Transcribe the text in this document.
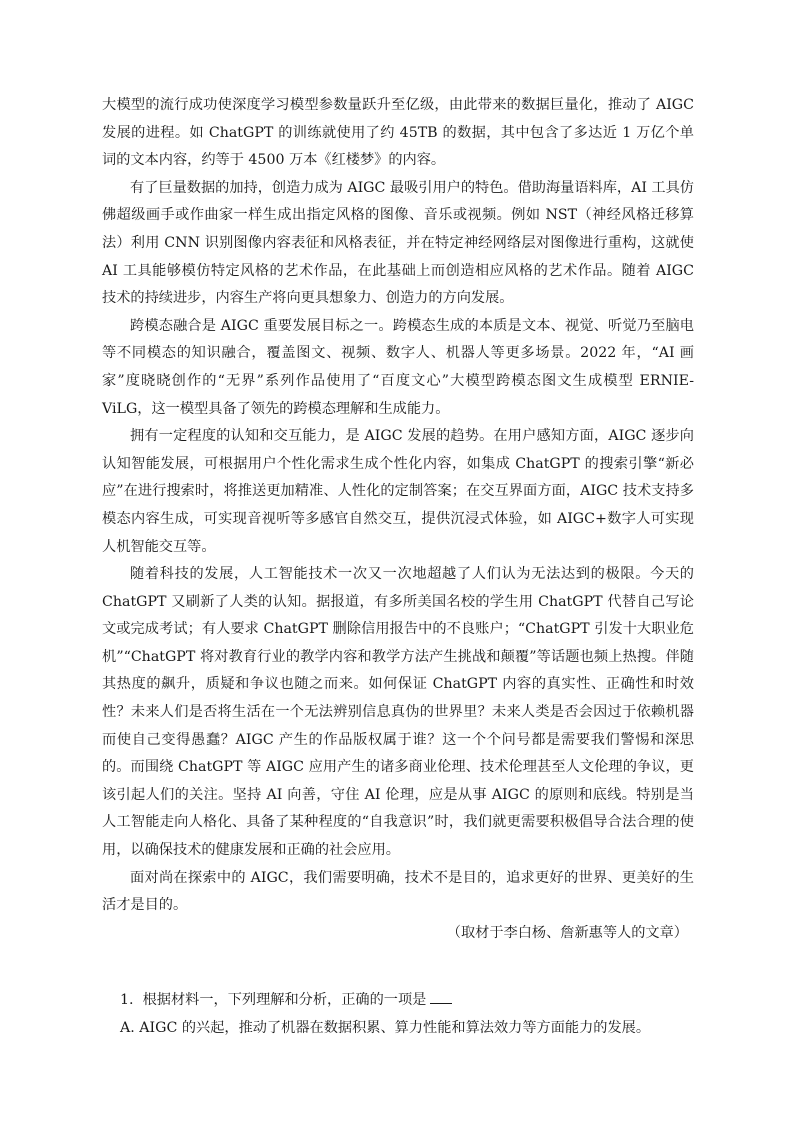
大模型的流行成功使深度学习模型参数量跃升至亿级，由此带来的数据巨量化，推动了 AIGC 发展的进程。如 ChatGPT 的训练就使用了约 45TB 的数据，其中包含了多达近 1 万亿个单词的文本内容，约等于 4500 万本《红楼梦》的内容。

有了巨量数据的加持，创造力成为 AIGC 最吸引用户的特色。借助海量语料库，AI 工具仿佛超级画手或作曲家一样生成出指定风格的图像、音乐或视频。例如 NST（神经风格迁移算法）利用 CNN 识别图像内容表征和风格表征，并在特定神经网络层对图像进行重构，这就使 AI 工具能够模仿特定风格的艺术作品，在此基础上而创造相应风格的艺术作品。随着 AIGC 技术的持续进步，内容生产将向更具想象力、创造力的方向发展。

跨模态融合是 AIGC 重要发展目标之一。跨模态生成的本质是文本、视觉、听觉乃至脑电等不同模态的知识融合，覆盖图文、视频、数字人、机器人等更多场景。2022 年，“AI 画家”度晓晓创作的“无界”系列作品使用了“百度文心”大模型跨模态图文生成模型 ERNIE-ViLG，这一模型具备了领先的跨模态理解和生成能力。

拥有一定程度的认知和交互能力，是 AIGC 发展的趋势。在用户感知方面，AIGC 逐步向认知智能发展，可根据用户个性化需求生成个性化内容，如集成 ChatGPT 的搜索引擎“新必应”在进行搜索时，将推送更加精准、人性化的定制答案；在交互界面方面，AIGC 技术支持多模态内容生成，可实现音视听等多感官自然交互，提供沉浸式体验，如 AIGC+数字人可实现人机智能交互等。

随着科技的发展，人工智能技术一次又一次地超越了人们认为无法达到的极限。今天的 ChatGPT 又刷新了人类的认知。据报道，有多所美国名校的学生用 ChatGPT 代替自己写论文或完成考试；有人要求 ChatGPT 删除信用报告中的不良账户；“ChatGPT 引发十大职业危机”“ChatGPT 将对教育行业的教学内容和教学方法产生挑战和颠覆”等话题也频上热搜。伴随其热度的飙升，质疑和争议也随之而来。如何保证 ChatGPT 内容的真实性、正确性和时效性？未来人们是否将生活在一个无法辨别信息真伪的世界里？未来人类是否会因过于依赖机器而使自己变得愚蠢？AIGC 产生的作品版权属于谁？这一个个问号都是需要我们警惕和深思的。而围绕 ChatGPT 等 AIGC 应用产生的诸多商业伦理、技术伦理甚至人文伦理的争议，更该引起人们的关注。坚持 AI 向善，守住 AI 伦理，应是从事 AIGC 的原则和底线。特别是当人工智能走向人格化、具备了某种程度的“自我意识”时，我们就更需要积极倡导合法合理的使用，以确保技术的健康发展和正确的社会应用。

面对尚在探索中的 AIGC，我们需要明确，技术不是目的，追求更好的世界、更美好的生活才是目的。

（取材于李白杨、詹新惠等人的文章）

1. 根据材料一，下列理解和分析，正确的一项是

A. AIGC 的兴起，推动了机器在数据积累、算力性能和算法效力等方面能力的发展。
